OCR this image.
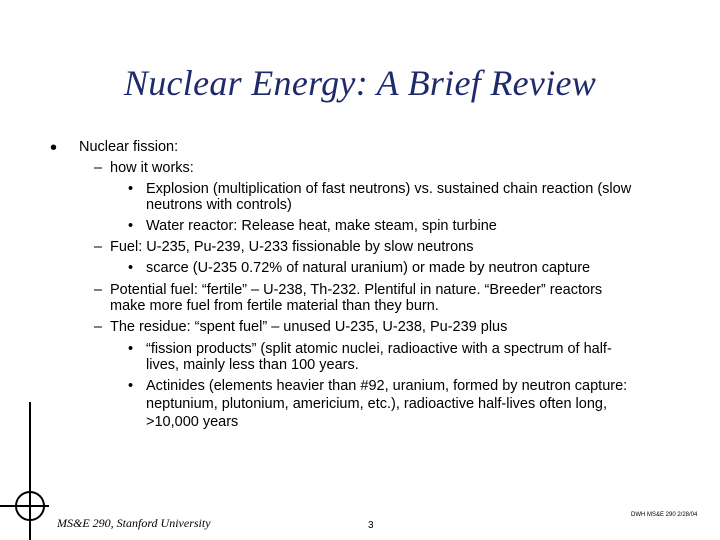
Nuclear Energy: A Brief Review
• Nuclear fission:
– how it works:
• Explosion (multiplication of fast neutrons) vs. sustained chain reaction (slow
neutrons with controls)
• Water reactor: Release heat, make steam, spin turbine
– Fuel: U-235, Pu-239, U-233 fissionable by slow neutrons
• scarce (U-235 0.72% of natural uranium) or made by neutron capture
– Potential fuel: “fertile” – U-238, Th-232. Plentiful in nature. “Breeder” reactors
make more fuel from fertile material than they burn.
– The residue: “spent fuel” – unused U-235, U-238, Pu-239 plus
• “fission products” (split atomic nuclei, radioactive with a spectrum of half-
lives, mainly less than 100 years.
• Actinides (elements heavier than #92, uranium, formed by neutron capture:
neptunium, plutonium, americium, etc.), radioactive half-lives often long,
>10,000 years
MS&E 290, Stanford University	3
DWH MS&E 290 2/28/04
